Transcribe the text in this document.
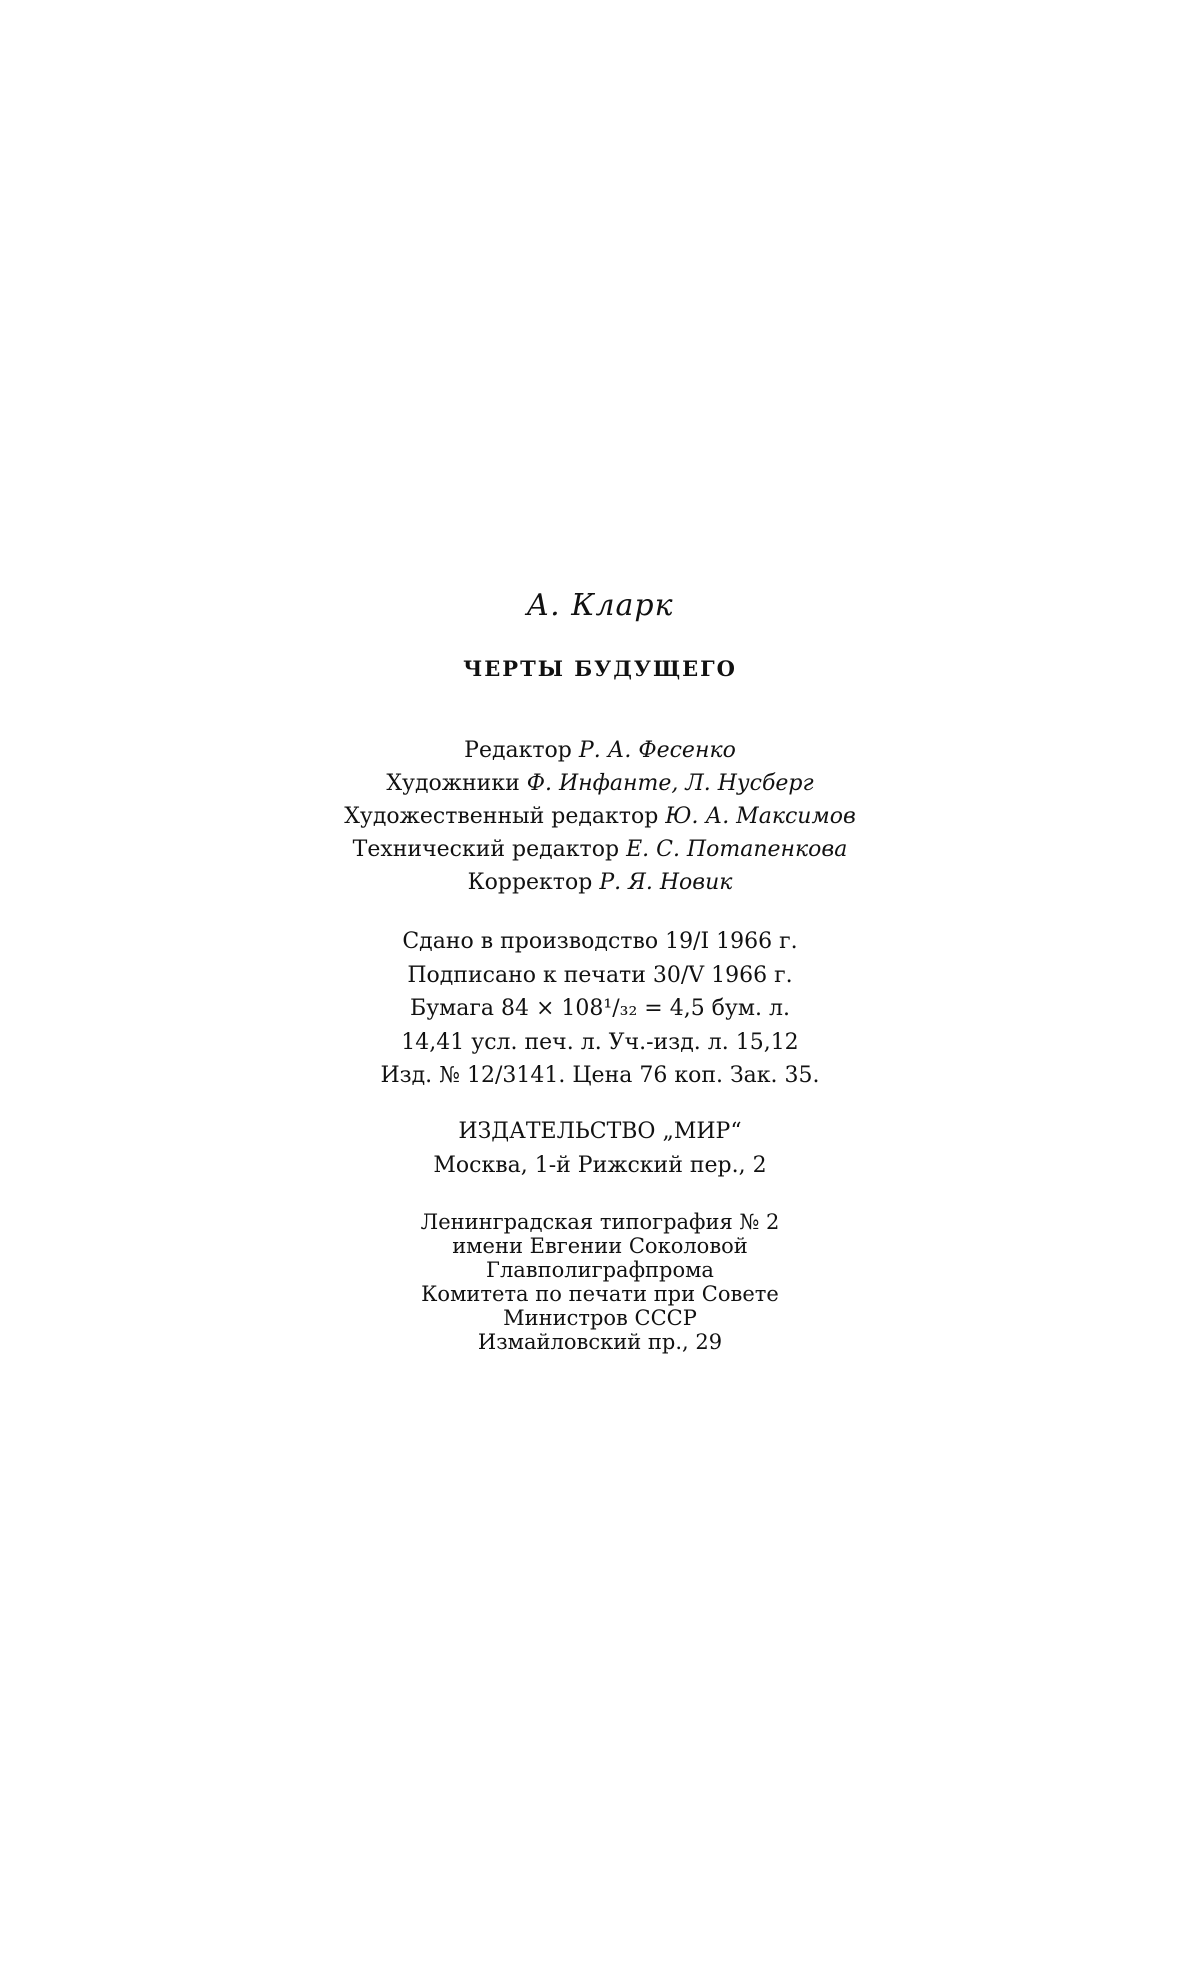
А. Кларк
ЧЕРТЫ БУДУЩЕГО
Редактор Р. А. Фесенко
Художники Ф. Инфанте, Л. Нусберг
Художественный редактор Ю. А. Максимов
Технический редактор Е. С. Потапенкова
Корректор Р. Я. Новик
Сдано в производство 19/I 1966 г.
Подписано к печати 30/V 1966 г.
Бумага 84 × 108¹/₃₂ = 4,5 бум. л.
14,41 усл. печ. л. Уч.-изд. л. 15,12
Изд. № 12/3141. Цена 76 коп. Зак. 35.
ИЗДАТЕЛЬСТВО „МИР“
Москва, 1-й Рижский пер., 2
Ленинградская типография № 2
имени Евгении Соколовой
Главполиграфпрома
Комитета по печати при Совете
Министров СССР
Измайловский пр., 29
